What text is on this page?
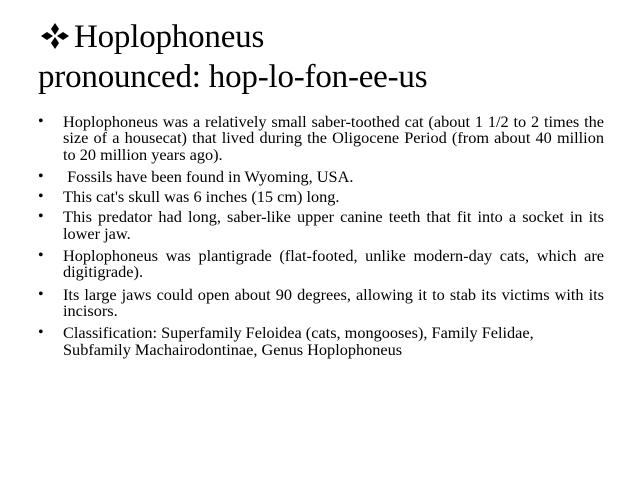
Hoplophoneus
pronounced: hop-lo-fon-ee-us
•	Hoplophoneus was a relatively small saber-toothed cat (about 1 1/2 to 2 times the size of a housecat) that lived during the Oligocene Period (from about 40 million to 20 million years ago).
•	Fossils have been found in Wyoming, USA.
•	This cat's skull was 6 inches (15 cm) long.
•	This predator had long, saber-like upper canine teeth that fit into a socket in its lower jaw.
•	Hoplophoneus was plantigrade (flat-footed, unlike modern-day cats, which are digitigrade).
•	Its large jaws could open about 90 degrees, allowing it to stab its victims with its incisors.
•	Classification: Superfamily Feloidea (cats, mongooses), Family Felidae, Subfamily Machairodontinae, Genus Hoplophoneus
